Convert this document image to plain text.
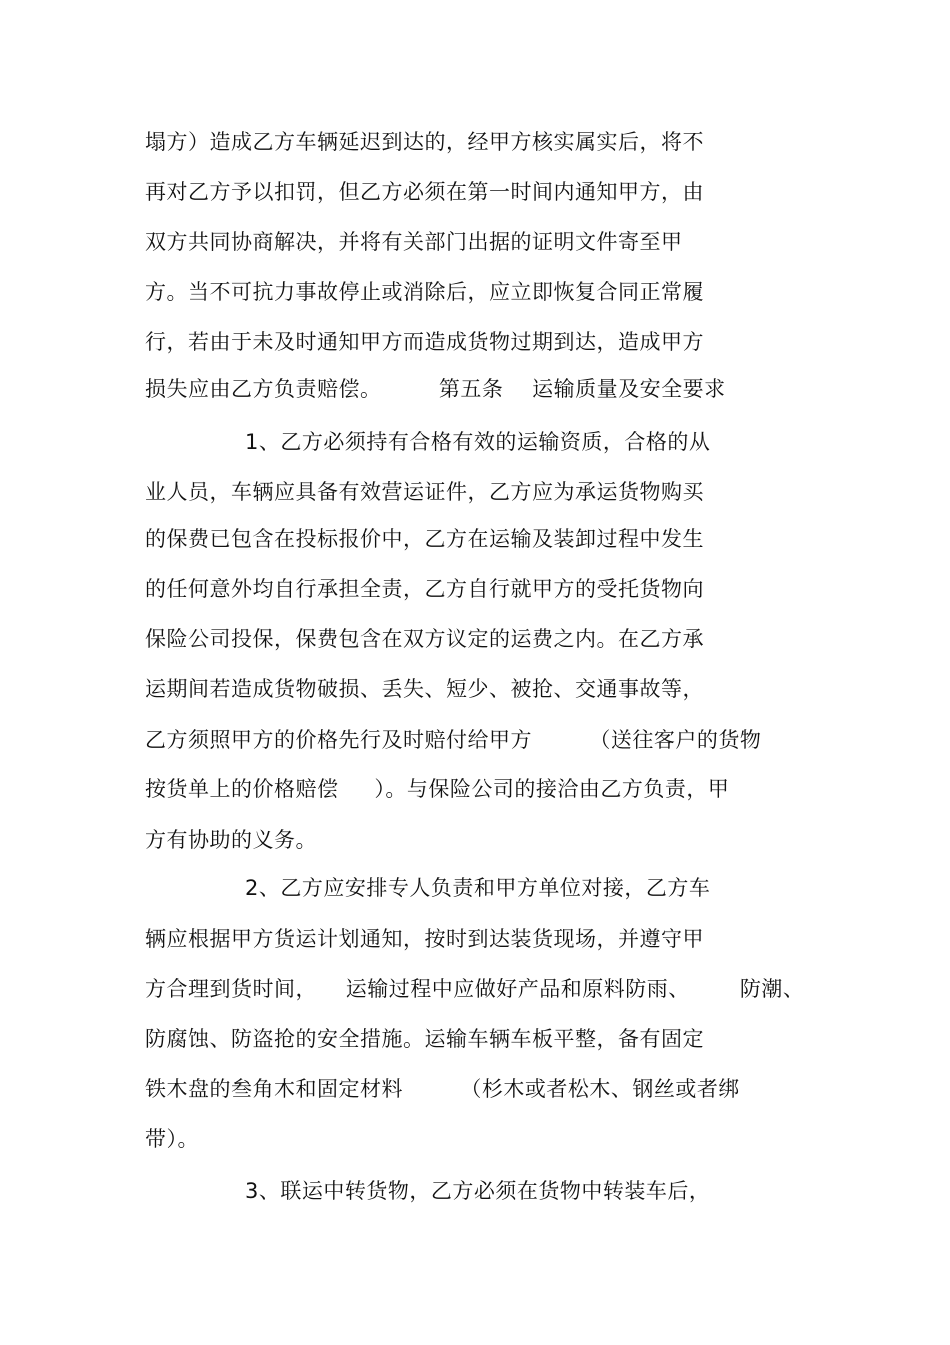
塌方）造成乙方车辆延迟到达的，经甲方核实属实后，将不
再对乙方予以扣罚，但乙方必须在第一时间内通知甲方，由
双方共同协商解决，并将有关部门出据的证明文件寄至甲
方。当不可抗力事故停止或消除后，应立即恢复合同正常履
行，若由于未及时通知甲方而造成货物过期到达，造成甲方
损失应由乙方负责赔偿。        第五条    运输质量及安全要求
1、乙方必须持有合格有效的运输资质，合格的从
业人员，车辆应具备有效营运证件，乙方应为承运货物购买
的保费已包含在投标报价中，乙方在运输及装卸过程中发生
的任何意外均自行承担全责，乙方自行就甲方的受托货物向
保险公司投保，保费包含在双方议定的运费之内。在乙方承
运期间若造成货物破损、丢失、短少、被抢、交通事故等，
乙方须照甲方的价格先行及时赔付给甲方        （送往客户的货物
按货单上的价格赔偿     ）。与保险公司的接洽由乙方负责，甲
方有协助的义务。
2、乙方应安排专人负责和甲方单位对接，乙方车
辆应根据甲方货运计划通知，按时到达装货现场，并遵守甲
方合理到货时间，    运输过程中应做好产品和原料防雨、       防潮、
防腐蚀、防盗抢的安全措施。运输车辆车板平整，备有固定
铁木盘的叁角木和固定材料        （杉木或者松木、钢丝或者绑
带）。
3、联运中转货物，乙方必须在货物中转装车后，
